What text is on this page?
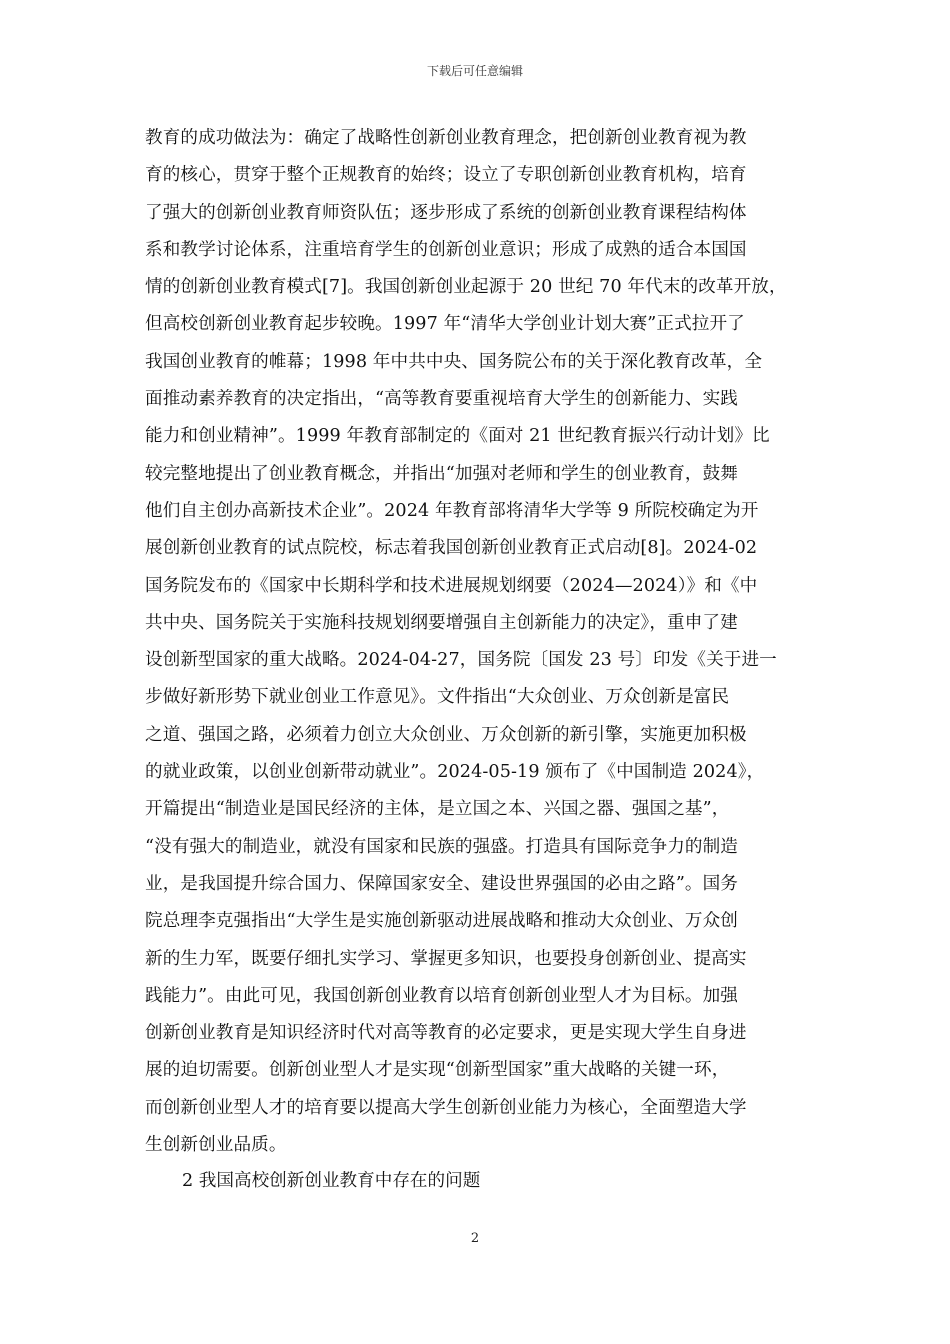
下载后可任意编辑
教育的成功做法为：确定了战略性创新创业教育理念，把创新创业教育视为教
育的核心，贯穿于整个正规教育的始终；设立了专职创新创业教育机构，培育
了强大的创新创业教育师资队伍；逐步形成了系统的创新创业教育课程结构体
系和教学讨论体系，注重培育学生的创新创业意识；形成了成熟的适合本国国
情的创新创业教育模式[7]。我国创新创业起源于 20 世纪 70 年代末的改革开放，
但高校创新创业教育起步较晚。1997 年“清华大学创业计划大赛”正式拉开了
我国创业教育的帷幕；1998 年中共中央、国务院公布的关于深化教育改革，全
面推动素养教育的决定指出，“高等教育要重视培育大学生的创新能力、实践
能力和创业精神”。1999 年教育部制定的《面对 21 世纪教育振兴行动计划》比
较完整地提出了创业教育概念，并指出“加强对老师和学生的创业教育，鼓舞
他们自主创办高新技术企业”。2024 年教育部将清华大学等 9 所院校确定为开
展创新创业教育的试点院校，标志着我国创新创业教育正式启动[8]。2024-02
国务院发布的《国家中长期科学和技术进展规划纲要（2024—2024）》和《中
共中央、国务院关于实施科技规划纲要增强自主创新能力的决定》，重申了建
设创新型国家的重大战略。2024-04-27，国务院〔国发 23 号〕印发《关于进一
步做好新形势下就业创业工作意见》。文件指出“大众创业、万众创新是富民
之道、强国之路，必须着力创立大众创业、万众创新的新引擎，实施更加积极
的就业政策，以创业创新带动就业”。2024-05-19 颁布了《中国制造 2024》，
开篇提出“制造业是国民经济的主体，是立国之本、兴国之器、强国之基”，
“没有强大的制造业，就没有国家和民族的强盛。打造具有国际竞争力的制造
业，是我国提升综合国力、保障国家安全、建设世界强国的必由之路”。国务
院总理李克强指出“大学生是实施创新驱动进展战略和推动大众创业、万众创
新的生力军，既要仔细扎实学习、掌握更多知识，也要投身创新创业、提高实
践能力”。由此可见，我国创新创业教育以培育创新创业型人才为目标。加强
创新创业教育是知识经济时代对高等教育的必定要求，更是实现大学生自身进
展的迫切需要。创新创业型人才是实现“创新型国家”重大战略的关键一环，
而创新创业型人才的培育要以提高大学生创新创业能力为核心，全面塑造大学
生创新创业品质。
2 我国高校创新创业教育中存在的问题
2
